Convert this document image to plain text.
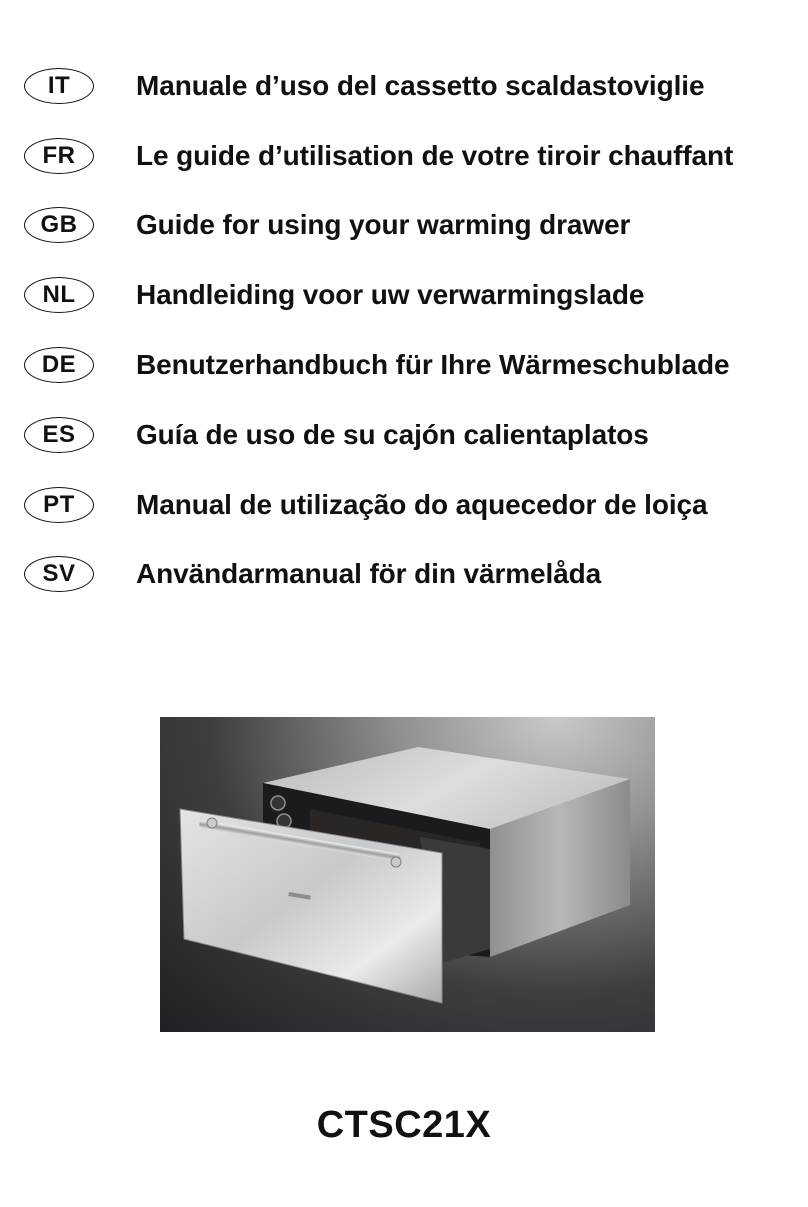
IT	Manuale d’uso del cassetto scaldastoviglie
FR	Le guide d’utilisation de votre tiroir chauffant
GB	Guide for using your warming drawer
NL	Handleiding voor uw verwarmingslade
DE	Benutzerhandbuch für Ihre Wärmeschublade
ES	Guía de uso de su cajón calientaplatos
PT	Manual de utilização do aquecedor de loiça
SV	Användarmanual för din värmelåda
CTSC21X
